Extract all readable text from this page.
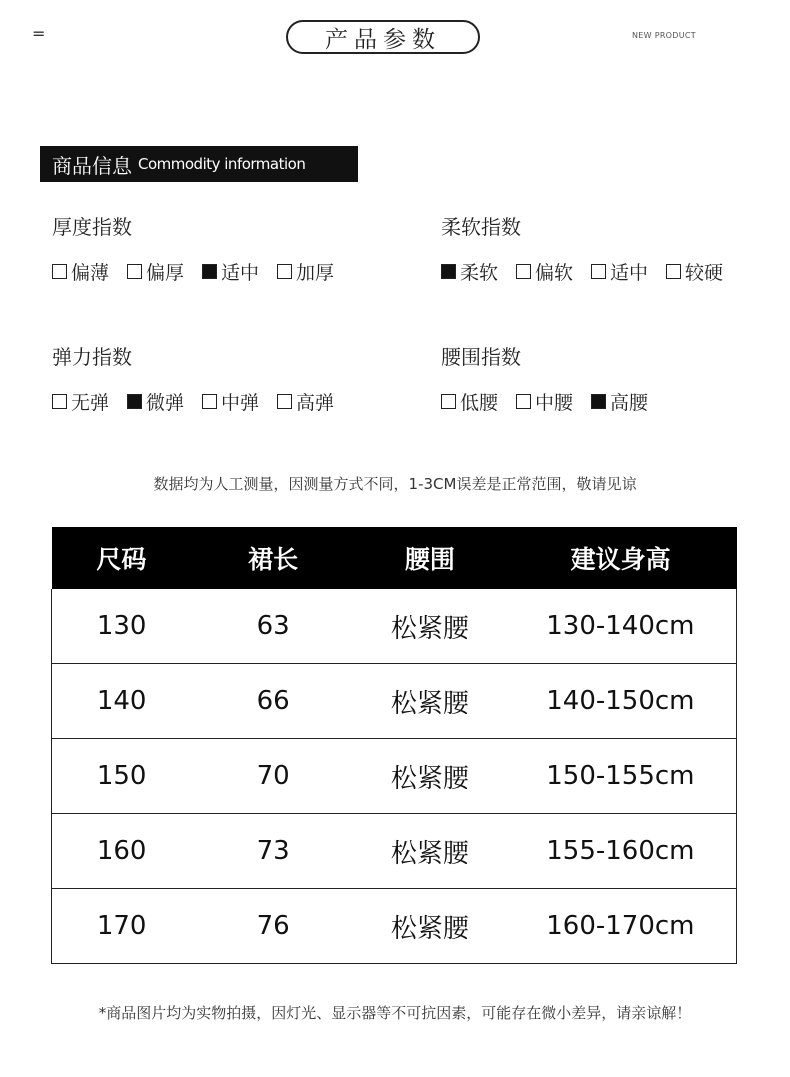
=	产品参数	NEW PRODUCT
商品信息 Commodity information
厚度指数
偏薄 偏厚 适中 加厚
柔软指数
柔软 偏软 适中 较硬
弹力指数
无弹 微弹 中弹 高弹
腰围指数
低腰 中腰 高腰
数据均为人工测量，因测量方式不同，1-3CM误差是正常范围，敬请见谅
尺码	裙长	腰围	建议身高
130	63	松紧腰	130-140cm
140	66	松紧腰	140-150cm
150	70	松紧腰	150-155cm
160	73	松紧腰	155-160cm
170	76	松紧腰	160-170cm
*商品图片均为实物拍摄，因灯光、显示器等不可抗因素，可能存在微小差异，请亲谅解！
